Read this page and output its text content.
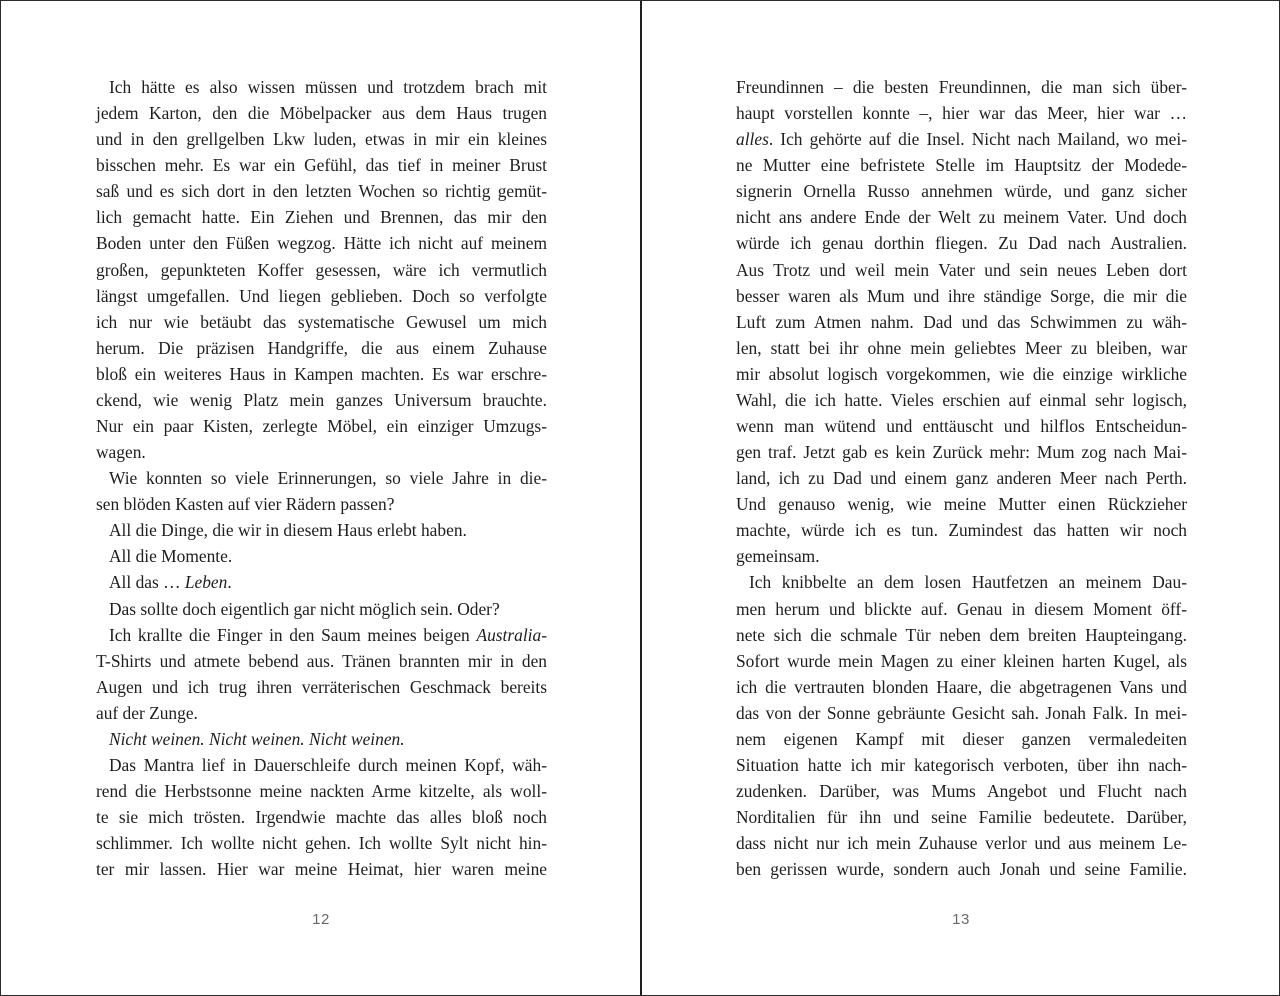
Ich hätte es also wissen müssen und trotzdem brach mit
jedem Karton, den die Möbelpacker aus dem Haus trugen
und in den grellgelben Lkw luden, etwas in mir ein kleines
bisschen mehr. Es war ein Gefühl, das tief in meiner Brust
saß und es sich dort in den letzten Wochen so richtig gemüt-
lich gemacht hatte. Ein Ziehen und Brennen, das mir den
Boden unter den Füßen wegzog. Hätte ich nicht auf meinem
großen, gepunkteten Koffer gesessen, wäre ich vermutlich
längst umgefallen. Und liegen geblieben. Doch so verfolgte
ich nur wie betäubt das systematische Gewusel um mich
herum. Die präzisen Handgriffe, die aus einem Zuhause
bloß ein weiteres Haus in Kampen machten. Es war erschre-
ckend, wie wenig Platz mein ganzes Universum brauchte.
Nur ein paar Kisten, zerlegte Möbel, ein einziger Umzugs-
wagen.
Wie konnten so viele Erinnerungen, so viele Jahre in die-
sen blöden Kasten auf vier Rädern passen?
All die Dinge, die wir in diesem Haus erlebt haben.
All die Momente.
All das … Leben.
Das sollte doch eigentlich gar nicht möglich sein. Oder?
Ich krallte die Finger in den Saum meines beigen Australia-
T-Shirts und atmete bebend aus. Tränen brannten mir in den
Augen und ich trug ihren verräterischen Geschmack bereits
auf der Zunge.
Nicht weinen. Nicht weinen. Nicht weinen.
Das Mantra lief in Dauerschleife durch meinen Kopf, wäh-
rend die Herbstsonne meine nackten Arme kitzelte, als woll-
te sie mich trösten. Irgendwie machte das alles bloß noch
schlimmer. Ich wollte nicht gehen. Ich wollte Sylt nicht hin-
ter mir lassen. Hier war meine Heimat, hier waren meine
12
Freundinnen – die besten Freundinnen, die man sich über-
haupt vorstellen konnte –, hier war das Meer, hier war …
alles. Ich gehörte auf die Insel. Nicht nach Mailand, wo mei-
ne Mutter eine befristete Stelle im Hauptsitz der Modede-
signerin Ornella Russo annehmen würde, und ganz sicher
nicht ans andere Ende der Welt zu meinem Vater. Und doch
würde ich genau dorthin fliegen. Zu Dad nach Australien.
Aus Trotz und weil mein Vater und sein neues Leben dort
besser waren als Mum und ihre ständige Sorge, die mir die
Luft zum Atmen nahm. Dad und das Schwimmen zu wäh-
len, statt bei ihr ohne mein geliebtes Meer zu bleiben, war
mir absolut logisch vorgekommen, wie die einzige wirkliche
Wahl, die ich hatte. Vieles erschien auf einmal sehr logisch,
wenn man wütend und enttäuscht und hilflos Entscheidun-
gen traf. Jetzt gab es kein Zurück mehr: Mum zog nach Mai-
land, ich zu Dad und einem ganz anderen Meer nach Perth.
Und genauso wenig, wie meine Mutter einen Rückzieher
machte, würde ich es tun. Zumindest das hatten wir noch
gemeinsam.
Ich knibbelte an dem losen Hautfetzen an meinem Dau-
men herum und blickte auf. Genau in diesem Moment öff-
nete sich die schmale Tür neben dem breiten Haupteingang.
Sofort wurde mein Magen zu einer kleinen harten Kugel, als
ich die vertrauten blonden Haare, die abgetragenen Vans und
das von der Sonne gebräunte Gesicht sah. Jonah Falk. In mei-
nem eigenen Kampf mit dieser ganzen vermaledeiten
Situation hatte ich mir kategorisch verboten, über ihn nach-
zudenken. Darüber, was Mums Angebot und Flucht nach
Norditalien für ihn und seine Familie bedeutete. Darüber,
dass nicht nur ich mein Zuhause verlor und aus meinem Le-
ben gerissen wurde, sondern auch Jonah und seine Familie.
13
